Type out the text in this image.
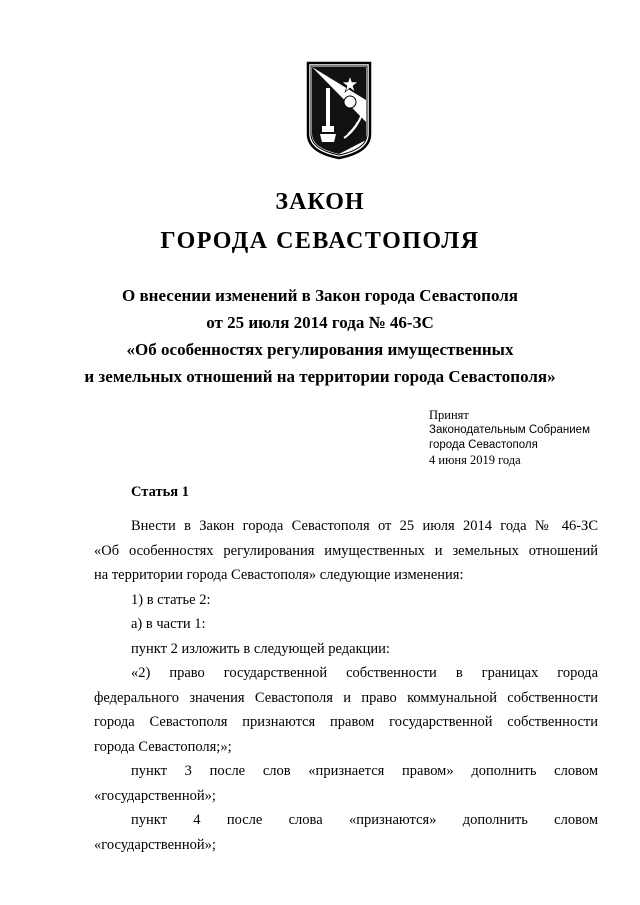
ЗАКОН
ГОРОДА СЕВАСТОПОЛЯ
О внесении изменений в Закон города Севастополя
от 25 июля 2014 года № 46-ЗС
«Об особенностях регулирования имущественных
и земельных отношений на территории города Севастополя»
Принят
Законодательным Собранием
города Севастополя
4 июня 2019 года
Статья 1

Внести в Закон города Севастополя от 25 июля 2014 года № 46-ЗС

«Об особенностях регулирования имущественных и земельных отношений

на территории города Севастополя» следующие изменения:

1) в статье 2:

а) в части 1:

пункт 2 изложить в следующей редакции:

«2)  право  государственной  собственности  в  границах  города

федерального значения Севастополя и право коммунальной собственности

города  Севастополя  признаются  правом  государственной  собственности

города Севастополя;»;

пункт  3  после  слов  «признается  правом»  дополнить  словом

«государственной»;

пункт  4  после  слова  «признаются»  дополнить  словом

«государственной»;
